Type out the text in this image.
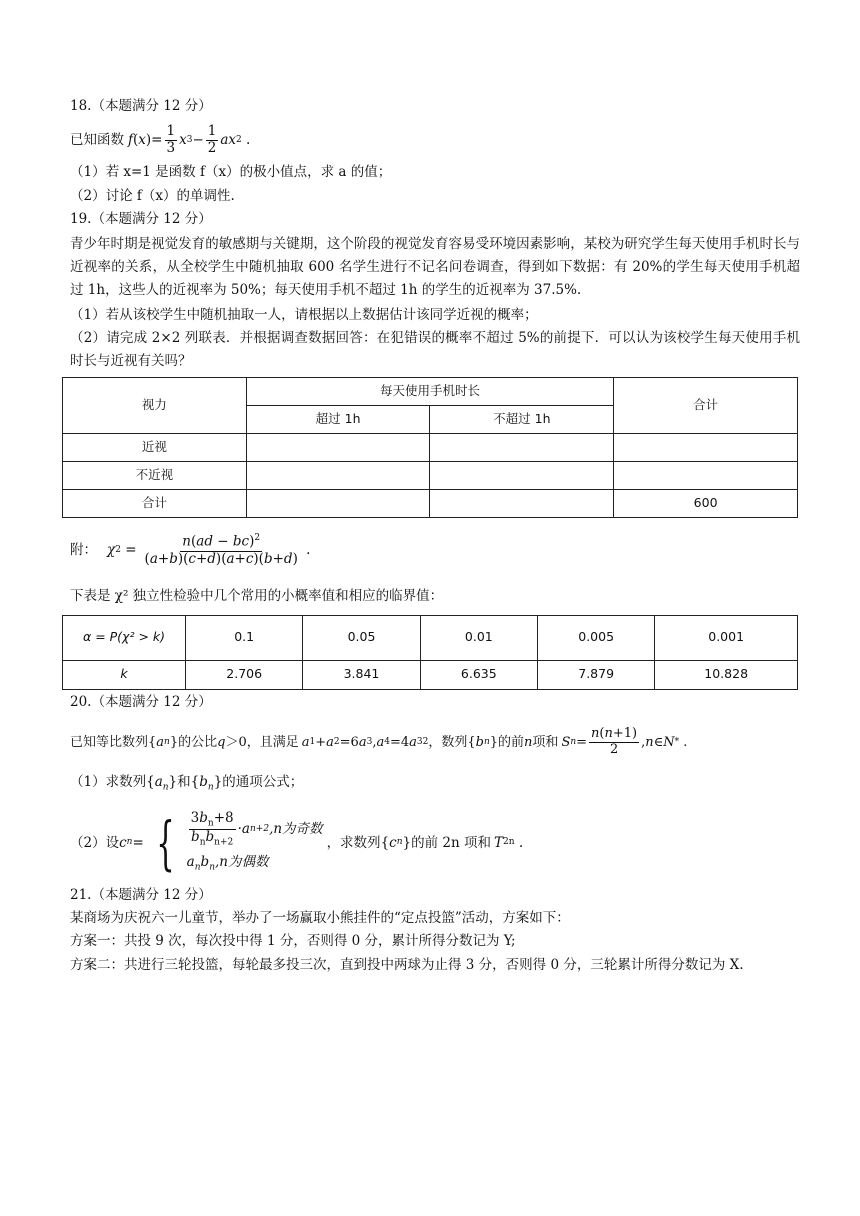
18.（本题满分 12 分）

已知函数 f ( x )= $\frac{1}{3}$ x $3 - \frac{1}{2}$ ax 2 .

（1）若 x=1 是函数 f（x）的极小值点，求 a 的值；

（2）讨论 f（x）的单调性.

19.（本题满分 12 分）

青少年时期是视觉发育的敏感期与关键期，这个阶段的视觉发育容易受环境因素影响，某校为研究学生每天使用手机时长与近视率的关系，从全校学生中随机抽取 600 名学生进行不记名问卷调查，得到如下数据：有 20%的学生每天使用手机超过 1h，这些人的近视率为 50%；每天使用手机不超过 1h 的学生的近视率为 37.5%.

（1）若从该校学生中随机抽取一人，请根据以上数据估计该同学近视的概率；

（2）请完成 2×2 列联表．并根据调查数据回答：在犯错误的概率不超过 5%的前提下．可以认为该校学生每天使用手机时长与近视有关吗？

视力	每天使用手机时长		合计
	超过 1h	不超过 1h	
近视			
不近视			
合计			600

附： χ $2 = \frac{n(ad - bc)^2}{(a+b)(c+d)(a+c)(b+d)}$ .

下表是 χ² 独立性检验中几个常用的小概率值和相应的临界值：

α = P(χ² > k)	0.1	0.05	0.01	0.005	0.001
k	2.706	3.841	6.635	7.879	10.828

20.（本题满分 12 分）

已知等比数列{ a n }的公比 q ＞0，且满足 a 1 + a 2 =6 a 3 , a 4 =4 a 3 2 ，数列{ b n }的前 n 项和 S $n = \frac{n(n+1)}{2}$ , n ∈ N * .

（1）求数列$\{a_n\}$和$\{b_n\}$的通项公式；

（2）设 c n = { $\frac{3b_n+8}{b_nb_{n+2}} \cdot a$ n+2 , n为奇数
$a_nb_n,n$为偶数
，求数列 { c n } 的前 2n 项和 T 2n .

21.（本题满分 12 分）

某商场为庆祝六一儿童节，举办了一场赢取小熊挂件的“定点投篮”活动，方案如下：

方案一：共投 9 次，每次投中得 1 分，否则得 0 分，累计所得分数记为 Y;

方案二：共进行三轮投篮，每轮最多投三次，直到投中两球为止得 3 分，否则得 0 分，三轮累计所得分数记为 X.
